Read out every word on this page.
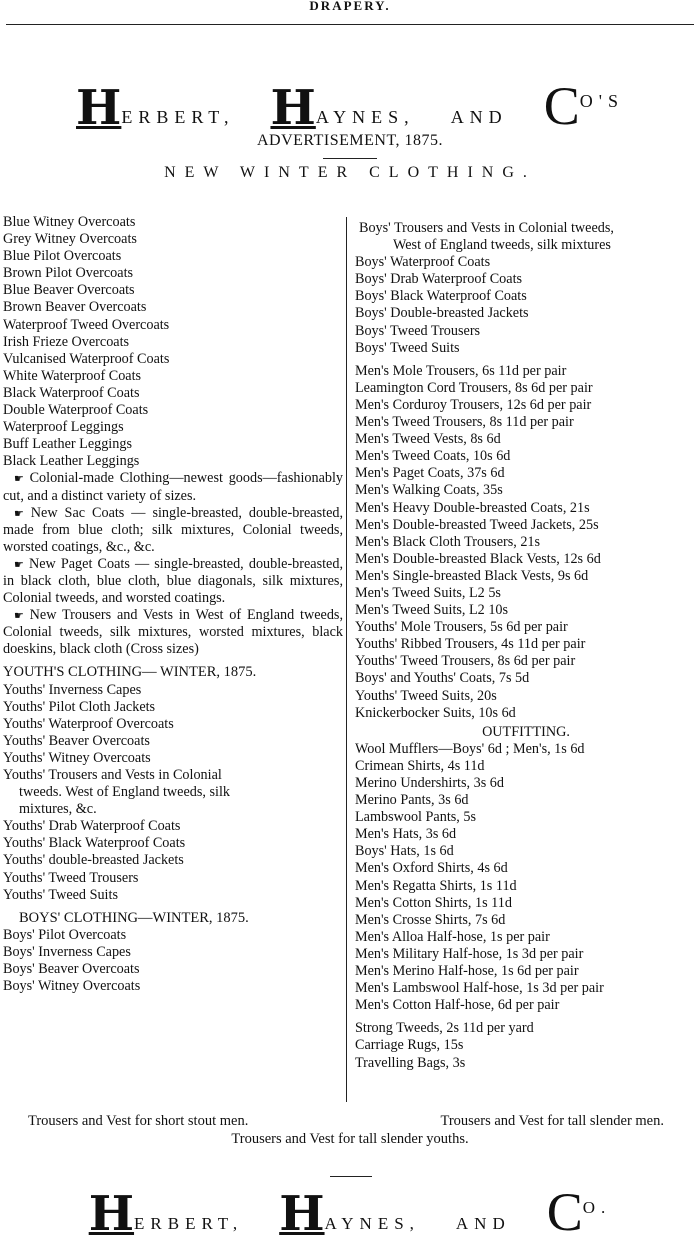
DRAPERY.
H ERBERT, H AYNES, AND C O'S
ADVERTISEMENT, 1875.
NEW WINTER CLOTHING.
Blue Witney Overcoats
Grey Witney Overcoats
Blue Pilot Overcoats
Brown Pilot Overcoats
Blue Beaver Overcoats
Brown Beaver Overcoats
Waterproof Tweed Overcoats
Irish Frieze Overcoats
Vulcanised Waterproof Coats
White Waterproof Coats
Black Waterproof Coats
Double Waterproof Coats
Waterproof Leggings
Buff Leather Leggings
Black Leather Leggings
 ☛ Colonial-made Clothing—newest goods—fashionably cut, and a distinct variety of sizes.
 ☛ New Sac Coats — single-breasted, double-breasted, made from blue cloth; silk mixtures, Colonial tweeds, worsted coatings, &c., &c.
 ☛ New Paget Coats — single-breasted, double-breasted, in black cloth, blue cloth, blue diagonals, silk mixtures, Colonial tweeds, and worsted coatings.
 ☛ New Trousers and Vests in West of England tweeds, Colonial tweeds, silk mixtures, worsted mixtures, black doeskins, black cloth (Cross sizes)
YOUTH'S CLOTHING— WINTER, 1875.
Youths' Inverness Capes
Youths' Pilot Cloth Jackets
Youths' Waterproof Overcoats
Youths' Beaver Overcoats
Youths' Witney Overcoats
Youths' Trousers and Vests in Colonial
tweeds. West of England tweeds, silk
mixtures, &c.
Youths' Drab Waterproof Coats
Youths' Black Waterproof Coats
Youths' double-breasted Jackets
Youths' Tweed Trousers
Youths' Tweed Suits
BOYS' CLOTHING—WINTER, 1875.
Boys' Pilot Overcoats
Boys' Inverness Capes
Boys' Beaver Overcoats
Boys' Witney Overcoats
Boys' Trousers and Vests in Colonial tweeds,
West of England tweeds, silk mixtures
Boys' Waterproof Coats
Boys' Drab Waterproof Coats
Boys' Black Waterproof Coats
Boys' Double-breasted Jackets
Boys' Tweed Trousers
Boys' Tweed Suits
Men's Mole Trousers, 6s 11d per pair
Leamington Cord Trousers, 8s 6d per pair
Men's Corduroy Trousers, 12s 6d per pair
Men's Tweed Trousers, 8s 11d per pair
Men's Tweed Vests, 8s 6d
Men's Tweed Coats, 10s 6d
Men's Paget Coats, 37s 6d
Men's Walking Coats, 35s
Men's Heavy Double-breasted Coats, 21s
Men's Double-breasted Tweed Jackets, 25s
Men's Black Cloth Trousers, 21s
Men's Double-breasted Black Vests, 12s 6d
Men's Single-breasted Black Vests, 9s 6d
Men's Tweed Suits, L2 5s
Men's Tweed Suits, L2 10s
Youths' Mole Trousers, 5s 6d per pair
Youths' Ribbed Trousers, 4s 11d per pair
Youths' Tweed Trousers, 8s 6d per pair
Boys' and Youths' Coats, 7s 5d
Youths' Tweed Suits, 20s
Knickerbocker Suits, 10s 6d
OUTFITTING.
Wool Mufflers—Boys' 6d ; Men's, 1s 6d
Crimean Shirts, 4s 11d
Merino Undershirts, 3s 6d
Merino Pants, 3s 6d
Lambswool Pants, 5s
Men's Hats, 3s 6d
Boys' Hats, 1s 6d
Men's Oxford Shirts, 4s 6d
Men's Regatta Shirts, 1s 11d
Men's Cotton Shirts, 1s 11d
Men's Crosse Shirts, 7s 6d
Men's Alloa Half-hose, 1s per pair
Men's Military Half-hose, 1s 3d per pair
Men's Merino Half-hose, 1s 6d per pair
Men's Lambswool Half-hose, 1s 3d per pair
Men's Cotton Half-hose, 6d per pair
Strong Tweeds, 2s 11d per yard
Carriage Rugs, 15s
Travelling Bags, 3s
Trousers and Vest for short stout men.	Trousers and Vest for tall slender men.
Trousers and Vest for tall slender youths.
H ERBERT, H AYNES, AND C O.
